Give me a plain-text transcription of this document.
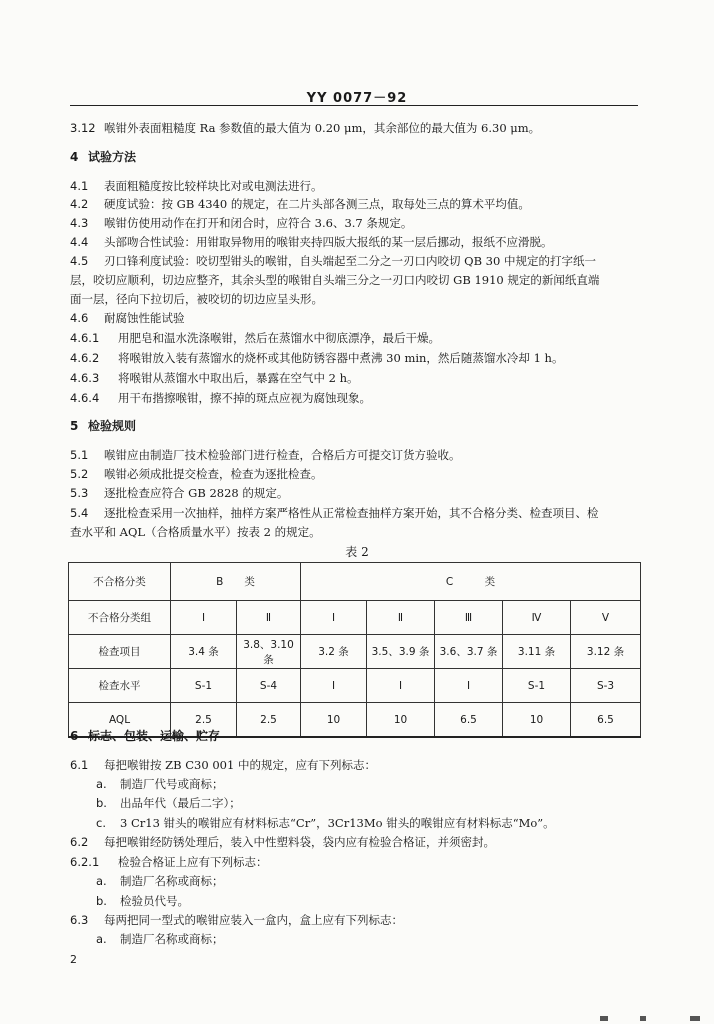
YY 0077－92
3.12 喉钳外表面粗糙度 Ra 参数值的最大值为 0.20 μm，其余部位的最大值为 6.30 μm。
4 试验方法
4.1 表面粗糙度按比较样块比对或电测法进行。
4.2 硬度试验：按 GB 4340 的规定，在二片头部各测三点，取每处三点的算术平均值。
4.3 喉钳仿使用动作在打开和闭合时，应符合 3.6、3.7 条规定。
4.4 头部吻合性试验：用钳取异物用的喉钳夹持四版大报纸的某一层后挪动，报纸不应滑脱。
4.5 刃口锋利度试验：咬切型钳头的喉钳，自头端起至二分之一刃口内咬切 QB 30 中规定的打字纸一
层，咬切应顺利，切边应整齐，其余头型的喉钳自头端三分之一刃口内咬切 GB 1910 规定的新闻纸直端
面一层，径向下拉切后，被咬切的切边应呈头形。
4.6 耐腐蚀性能试验
4.6.1 用肥皂和温水洗涤喉钳，然后在蒸馏水中彻底漂净，最后干燥。
4.6.2 将喉钳放入装有蒸馏水的烧杯或其他防锈容器中煮沸 30 min，然后随蒸馏水冷却 1 h。
4.6.3 将喉钳从蒸馏水中取出后，暴露在空气中 2 h。
4.6.4 用干布揩擦喉钳，擦不掉的斑点应视为腐蚀现象。
5 检验规则
5.1 喉钳应由制造厂技术检验部门进行检查，合格后方可提交订货方验收。
5.2 喉钳必须成批提交检查，检查为逐批检查。
5.3 逐批检查应符合 GB 2828 的规定。
5.4 逐批检查采用一次抽样，抽样方案严格性从正常检查抽样方案开始，其不合格分类、检查项目、检
查水平和 AQL（合格质量水平）按表 2 的规定。
表 2
不合格分类	B　　类		C　　　类				
不合格分类组	Ⅰ	Ⅱ	Ⅰ	Ⅱ	Ⅲ	Ⅳ	Ⅴ
检查项目	3.4 条	3.8、3.10 条	3.2 条	3.5、3.9 条	3.6、3.7 条	3.11 条	3.12 条
检查水平	S-1	S-4	Ⅰ	Ⅰ	Ⅰ	S-1	S-3
AQL	2.5	2.5	10	10	6.5	10	6.5
6 标志、包装、运输、贮存
6.1 每把喉钳按 ZB C30 001 中的规定，应有下列标志：
a. 制造厂代号或商标；
b. 出品年代（最后二字）；
c. 3 Cr13 钳头的喉钳应有材料标志“Cr”，3Cr13Mo 钳头的喉钳应有材料标志“Mo”。
6.2 每把喉钳经防锈处理后，装入中性塑料袋，袋内应有检验合格证，并须密封。
6.2.1 检验合格证上应有下列标志：
a. 制造厂名称或商标；
b. 检验员代号。
6.3 每两把同一型式的喉钳应装入一盒内，盒上应有下列标志：
a. 制造厂名称或商标；
2
